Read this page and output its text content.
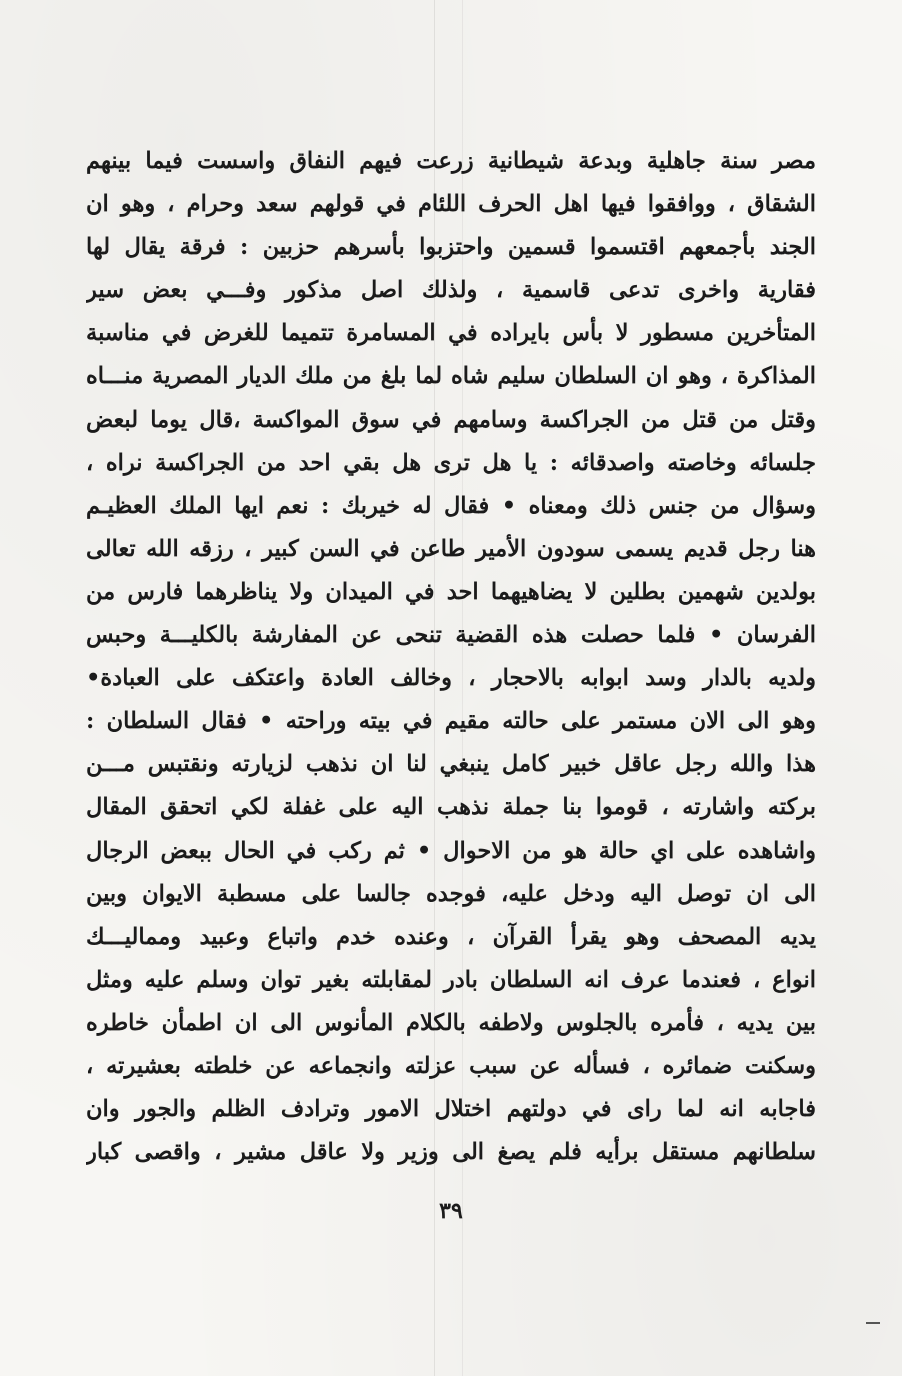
مصر سنة جاهلية وبدعة شيطانية زرعت فيهم النفاق واسست فيما بينهم
الشقاق ، ووافقوا فيها اهل الحرف اللئام في قولهم سعد وحرام ، وهو ان
الجند بأجمعهم اقتسموا قسمين واحتزبوا بأسرهم حزبين : فرقة يقال لها
فقارية واخرى تدعى قاسمية ، ولذلك اصل مذكور وفـــي بعض سير
المتأخرين مسطور لا بأس بايراده في المسامرة تتميما للغرض في مناسبة
المذاكرة ، وهو ان السلطان سليم شاه لما بلغ من ملك الديار المصرية منـــاه
وقتل من قتل من الجراكسة وسامهم في سوق المواكسة ،قال يوما لبعض
جلسائه وخاصته واصدقائه : يا هل ترى هل بقي احد من الجراكسة نراه ،
وسؤال من جنس ذلك ومعناه • فقال له خيربك : نعم ايها الملك العظيـم
هنا رجل قديم يسمى سودون الأمير طاعن في السن كبير ، رزقه الله تعالى
بولدين شهمين بطلين لا يضاهيهما احد في الميدان ولا يناظرهما فارس من
الفرسان • فلما حصلت هذه القضية تنحى عن المفارشة بالكليـــة وحبس
ولديه بالدار وسد ابوابه بالاحجار ، وخالف العادة واعتكف على العبادة•
وهو الى الان مستمر على حالته مقيم في بيته وراحته • فقال السلطان :
هذا والله رجل عاقل خبير كامل ينبغي لنا ان نذهب لزيارته ونقتبس مـــن
بركته واشارته ، قوموا بنا جملة نذهب اليه على غفلة لكي اتحقق المقال
واشاهده على اي حالة هو من الاحوال • ثم ركب في الحال ببعض الرجال
الى ان توصل اليه ودخل عليه، فوجده جالسا على مسطبة الايوان وبين
يديه المصحف وهو يقرأ القرآن ، وعنده خدم واتباع وعبيد ومماليـــك
انواع ، فعندما عرف انه السلطان بادر لمقابلته بغير توان وسلم عليه ومثل
بين يديه ، فأمره بالجلوس ولاطفه بالكلام المأنوس الى ان اطمأن خاطره
وسكنت ضمائره ، فسأله عن سبب عزلته وانجماعه عن خلطته بعشيرته ،
فاجابه انه لما راى في دولتهم اختلال الامور وترادف الظلم والجور وان
سلطانهم مستقل برأيه فلم يصغ الى وزير ولا عاقل مشير ، واقصى كبار
٣٩
